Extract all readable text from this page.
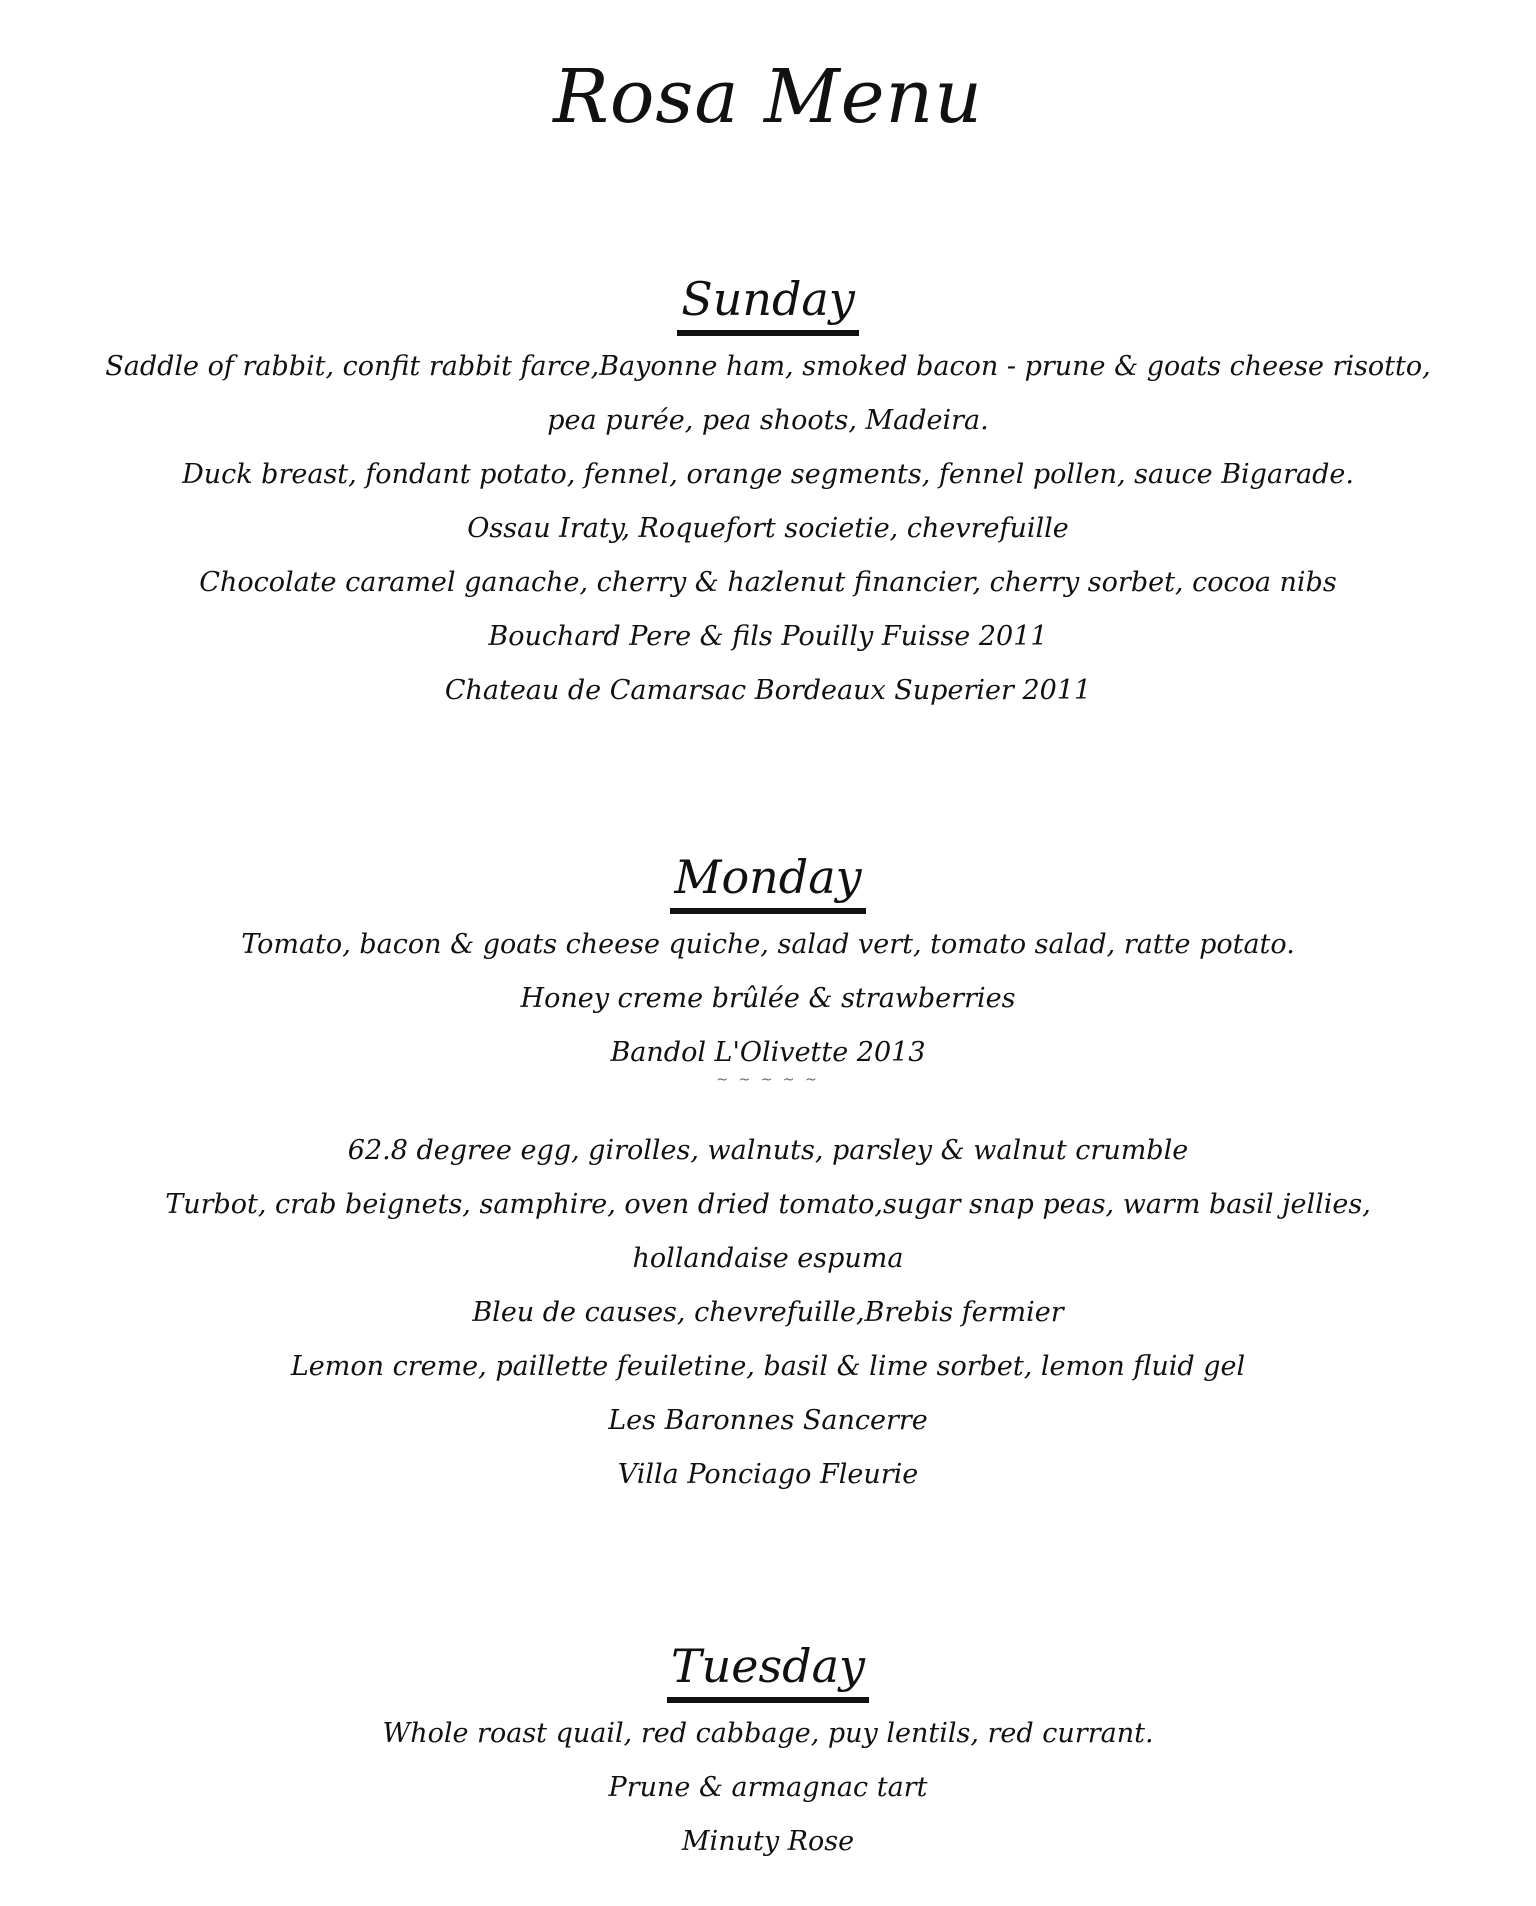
Rosa Menu
Sunday

Saddle of rabbit, confit rabbit farce,Bayonne ham, smoked bacon - prune & goats cheese risotto,

pea purée, pea shoots, Madeira.

Duck breast, fondant potato, fennel, orange segments, fennel pollen, sauce Bigarade.

Ossau Iraty, Roquefort societie, chevrefuille

Chocolate caramel ganache, cherry & hazlenut financier, cherry sorbet, cocoa nibs

Bouchard Pere & fils Pouilly Fuisse 2011

Chateau de Camarsac Bordeaux Superier 2011

Monday

Tomato, bacon & goats cheese quiche, salad vert, tomato salad, ratte potato.

Honey creme brûlée & strawberries

Bandol L'Olivette 2013

~ ~ ~ ~ ~

62.8 degree egg, girolles, walnuts, parsley & walnut crumble

Turbot, crab beignets, samphire, oven dried tomato,sugar snap peas, warm basil jellies,

hollandaise espuma

Bleu de causes, chevrefuille,Brebis fermier

Lemon creme, paillette feuiletine, basil & lime sorbet, lemon fluid gel

Les Baronnes Sancerre

Villa Ponciago Fleurie

Tuesday

Whole roast quail, red cabbage, puy lentils, red currant.

Prune & armagnac tart

Minuty Rose
